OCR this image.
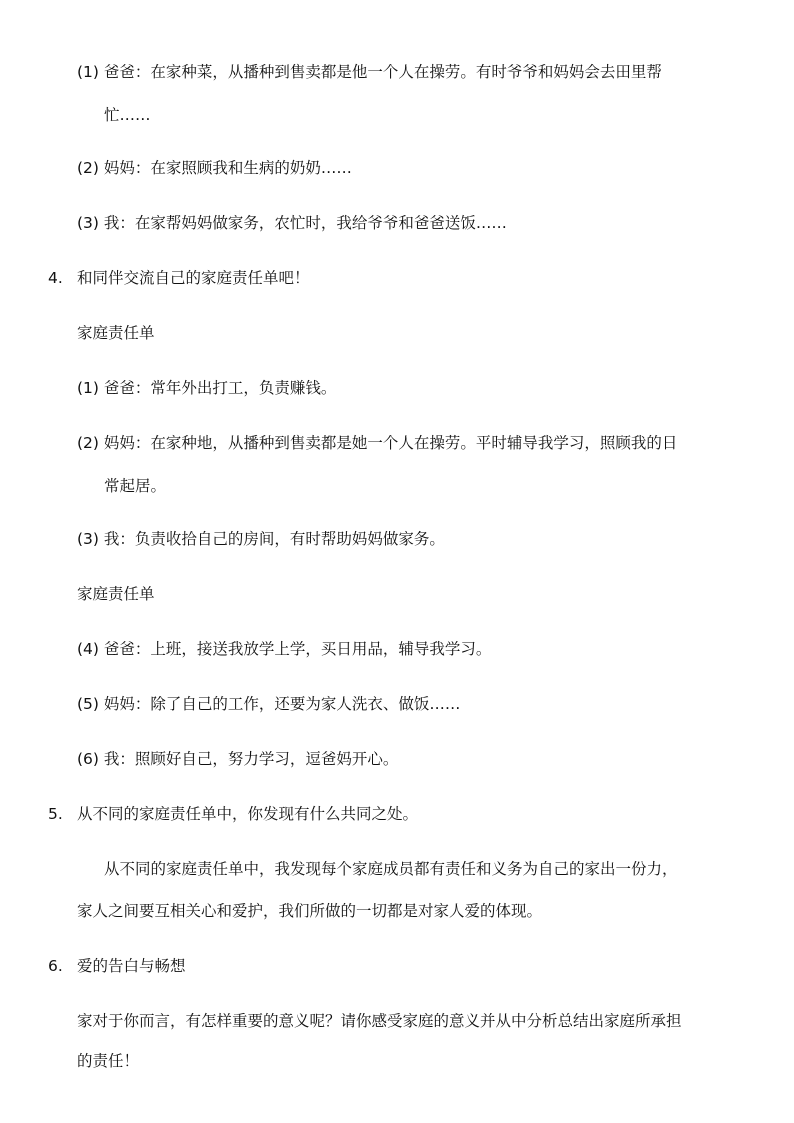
(1) 爸爸：在家种菜，从播种到售卖都是他一个人在操劳。有时爷爷和妈妈会去田里帮
忙……
(2) 妈妈：在家照顾我和生病的奶奶……
(3) 我：在家帮妈妈做家务，农忙时，我给爷爷和爸爸送饭……
4. 和同伴交流自己的家庭责任单吧！
家庭责任单
(1) 爸爸：常年外出打工，负责赚钱。
(2) 妈妈：在家种地，从播种到售卖都是她一个人在操劳。平时辅导我学习，照顾我的日
常起居。
(3) 我：负责收拾自己的房间，有时帮助妈妈做家务。
家庭责任单
(4) 爸爸：上班，接送我放学上学，买日用品，辅导我学习。
(5) 妈妈：除了自己的工作，还要为家人洗衣、做饭……
(6) 我：照顾好自己，努力学习，逗爸妈开心。
5. 从不同的家庭责任单中，你发现有什么共同之处。
从不同的家庭责任单中，我发现每个家庭成员都有责任和义务为自己的家出一份力，
家人之间要互相关心和爱护，我们所做的一切都是对家人爱的体现。
6. 爱的告白与畅想
家对于你而言，有怎样重要的意义呢？请你感受家庭的意义并从中分析总结出家庭所承担
的责任！
